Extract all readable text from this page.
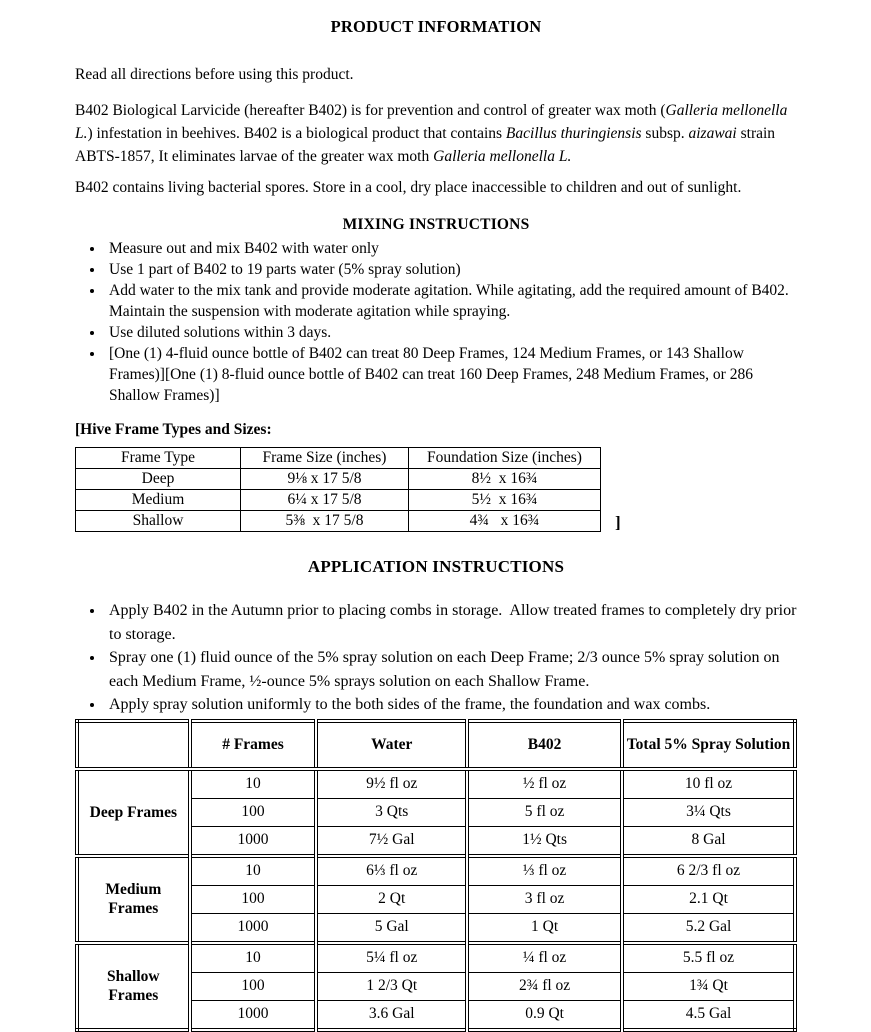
PRODUCT INFORMATION

Read all directions before using this product.

B402 Biological Larvicide (hereafter B402) is for prevention and control of greater wax moth (Galleria mellonella L.) infestation in beehives. B402 is a biological product that contains Bacillus thuringiensis subsp. aizawai strain ABTS-1857, It eliminates larvae of the greater wax moth Galleria mellonella L.

B402 contains living bacterial spores. Store in a cool, dry place inaccessible to children and out of sunlight.

MIXING INSTRUCTIONS
• Measure out and mix B402 with water only
• Use 1 part of B402 to 19 parts water (5% spray solution)
• Add water to the mix tank and provide moderate agitation. While agitating, add the required amount of B402.  Maintain the suspension with moderate agitation while spraying.
• Use diluted solutions within 3 days.
• [One (1) 4-fluid ounce bottle of B402 can treat 80 Deep Frames, 124 Medium Frames, or 143 Shallow Frames)][One (1) 8-fluid ounce bottle of B402 can treat 160 Deep Frames, 248 Medium Frames, or 286 Shallow Frames)]

[Hive Frame Types and Sizes:

Frame Type	Frame Size (inches)	Foundation Size (inches)
Deep	9⅛ x 17 5/8	8½  x 16¾
Medium	6¼ x 17 5/8	5½  x 16¾
Shallow	5⅜  x 17 5/8	4¾   x 16¾	]
APPLICATION INSTRUCTIONS
• Apply B402 in the Autumn prior to placing combs in storage.  Allow treated frames to completely dry prior to storage.
• Spray one (1) fluid ounce of the 5% spray solution on each Deep Frame; 2/3 ounce 5% spray solution on each Medium Frame, ½-ounce 5% sprays solution on each Shallow Frame.
• Apply spray solution uniformly to the both sides of the frame, the foundation and wax combs.
	# Frames	Water	B402	Total 5% Spray Solution
Deep Frames	10	9½ fl oz	½ fl oz	10 fl oz
	100	3 Qts	5 fl oz	3¼ Qts
	1000	7½ Gal	1½ Qts	8 Gal
Medium Frames	10	6⅓ fl oz	⅓ fl oz	6 2/3 fl oz
	100	2 Qt	3 fl oz	2.1 Qt
	1000	5 Gal	1 Qt	5.2 Gal
Shallow Frames	10	5¼ fl oz	¼ fl oz	5.5 fl oz
	100	1 2/3 Qt	2¾ fl oz	1¾ Qt
	1000	3.6 Gal	0.9 Qt	4.5 Gal
